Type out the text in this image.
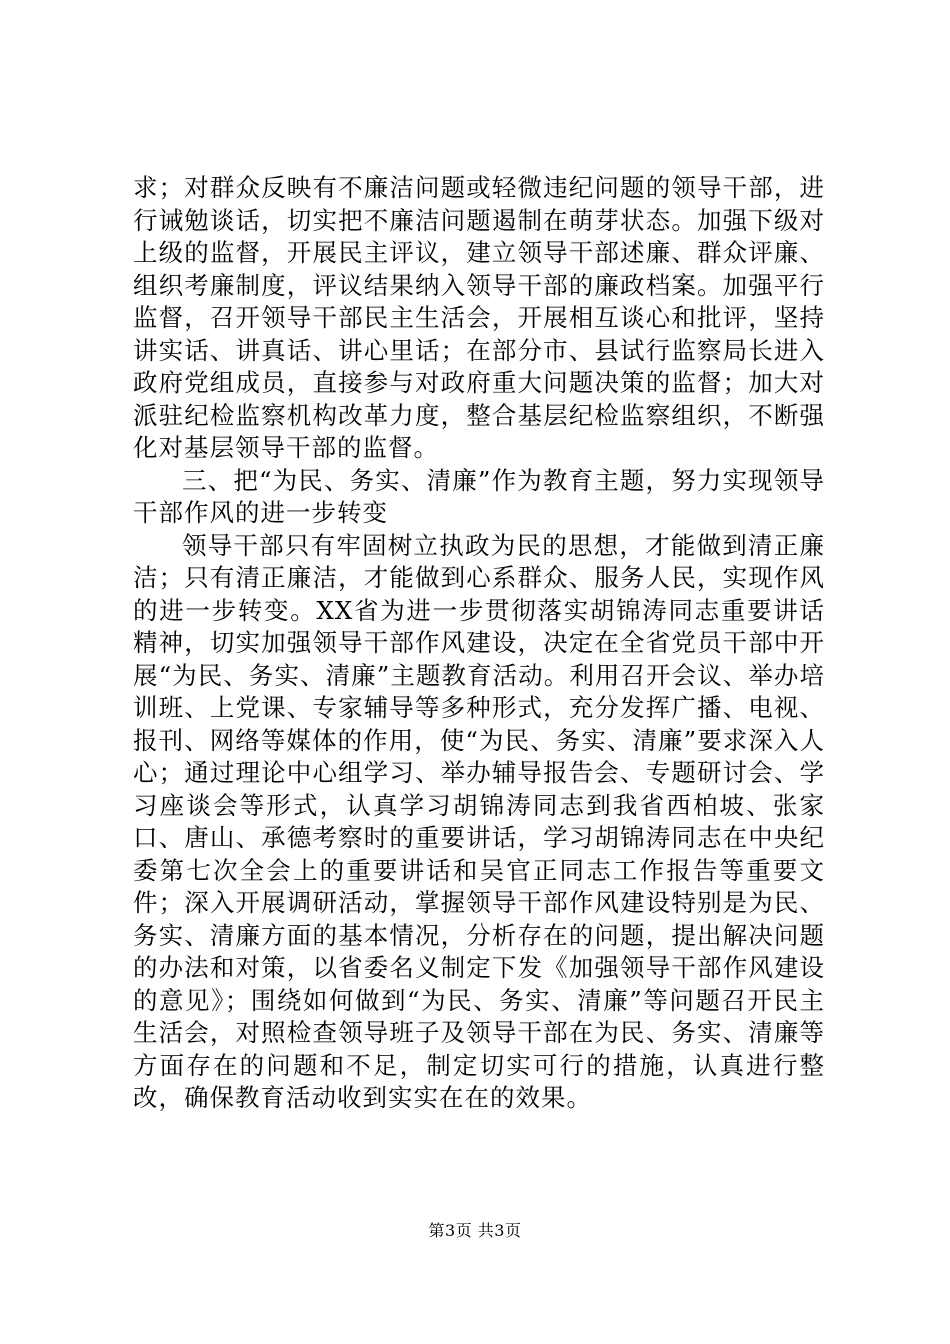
求；对群众反映有不廉洁问题或轻微违纪问题的领导干部，进行诫勉谈话，切实把不廉洁问题遏制在萌芽状态。加强下级对上级的监督，开展民主评议，建立领导干部述廉、群众评廉、组织考廉制度，评议结果纳入领导干部的廉政档案。加强平行监督，召开领导干部民主生活会，开展相互谈心和批评，坚持讲实话、讲真话、讲心里话；在部分市、县试行监察局长进入政府党组成员，直接参与对政府重大问题决策的监督；加大对派驻纪检监察机构改革力度，整合基层纪检监察组织，不断强化对基层领导干部的监督。

三、把“为民、务实、清廉”作为教育主题，努力实现领导干部作风的进一步转变

领导干部只有牢固树立执政为民的思想，才能做到清正廉洁；只有清正廉洁，才能做到心系群众、服务人民，实现作风的进一步转变。XX省为进一步贯彻落实胡锦涛同志重要讲话精神，切实加强领导干部作风建设，决定在全省党员干部中开展“为民、务实、清廉”主题教育活动。利用召开会议、举办培训班、上党课、专家辅导等多种形式，充分发挥广播、电视、报刊、网络等媒体的作用，使“为民、务实、清廉”要求深入人心；通过理论中心组学习、举办辅导报告会、专题研讨会、学习座谈会等形式，认真学习胡锦涛同志到我省西柏坡、张家口、唐山、承德考察时的重要讲话，学习胡锦涛同志在中央纪委第七次全会上的重要讲话和吴官正同志工作报告等重要文件；深入开展调研活动，掌握领导干部作风建设特别是为民、务实、清廉方面的基本情况，分析存在的问题，提出解决问题的办法和对策，以省委名义制定下发《加强领导干部作风建设的意见》；围绕如何做到“为民、务实、清廉”等问题召开民主生活会，对照检查领导班子及领导干部在为民、务实、清廉等方面存在的问题和不足，制定切实可行的措施，认真进行整改，确保教育活动收到实实在在的效果。

第3页 共3页
